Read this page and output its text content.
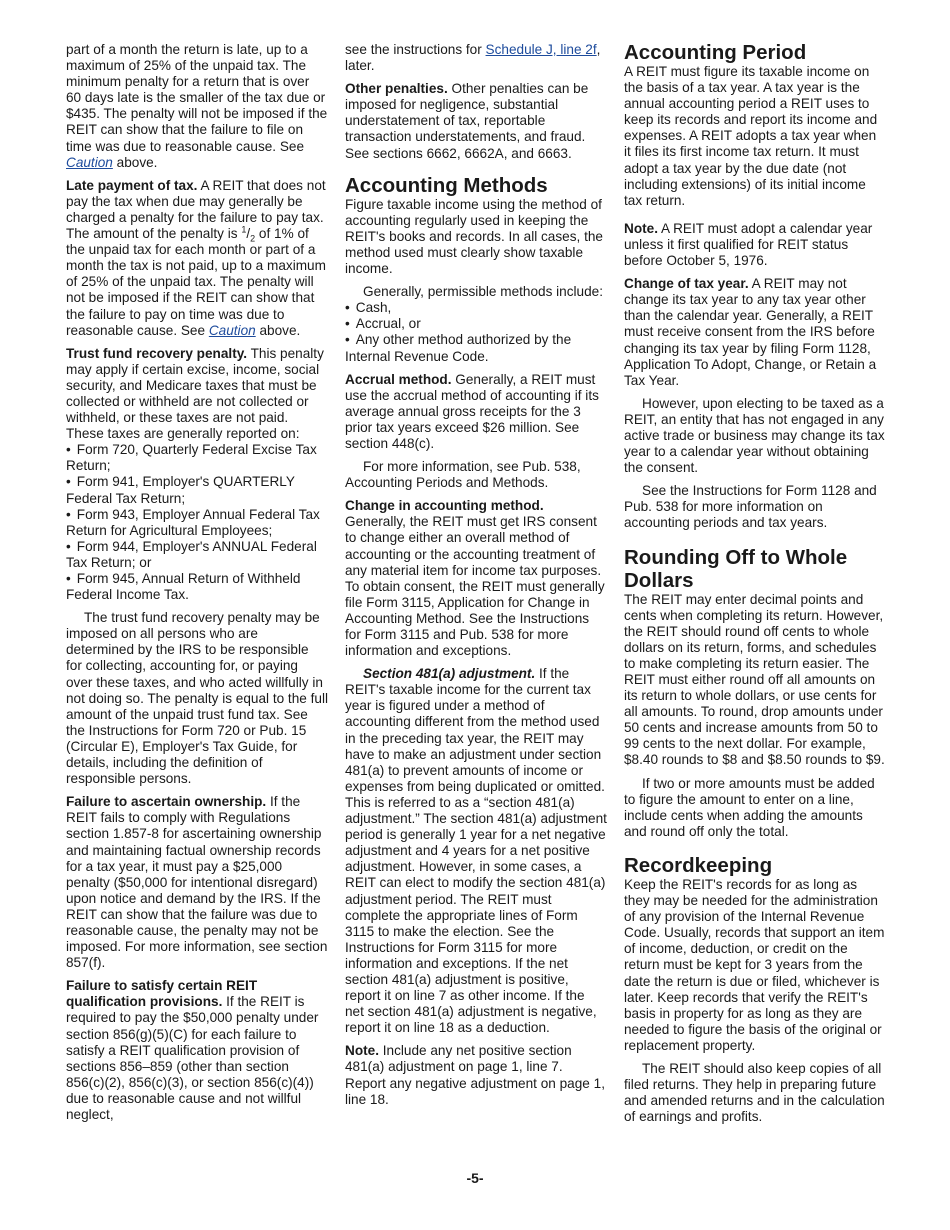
part of a month the return is late, up to a maximum of 25% of the unpaid tax. The minimum penalty for a return that is over 60 days late is the smaller of the tax due or $435. The penalty will not be imposed if the REIT can show that the failure to file on time was due to reasonable cause. See Caution above.

Late payment of tax. A REIT that does not pay the tax when due may generally be charged a penalty for the failure to pay tax. The amount of the penalty is $^1/_2$ of 1% of the unpaid tax for each month or part of a month the tax is not paid, up to a maximum of 25% of the unpaid tax. The penalty will not be imposed if the REIT can show that the failure to pay on time was due to reasonable cause. See Caution above.

Trust fund recovery penalty. This penalty may apply if certain excise, income, social security, and Medicare taxes that must be collected or withheld are not collected or withheld, or these taxes are not paid. These taxes are generally reported on:

• Form 720, Quarterly Federal Excise Tax Return;
• Form 941, Employer's QUARTERLY Federal Tax Return;
• Form 943, Employer Annual Federal Tax Return for Agricultural Employees;
• Form 944, Employer's ANNUAL Federal Tax Return; or
• Form 945, Annual Return of Withheld Federal Income Tax.

The trust fund recovery penalty may be imposed on all persons who are determined by the IRS to be responsible for collecting, accounting for, or paying over these taxes, and who acted willfully in not doing so. The penalty is equal to the full amount of the unpaid trust fund tax. See the Instructions for Form 720 or Pub. 15 (Circular E), Employer's Tax Guide, for details, including the definition of responsible persons.

Failure to ascertain ownership. If the REIT fails to comply with Regulations section 1.857-8 for ascertaining ownership and maintaining factual ownership records for a tax year, it must pay a $25,000 penalty ($50,000 for intentional disregard) upon notice and demand by the IRS. If the REIT can show that the failure was due to reasonable cause, the penalty may not be imposed. For more information, see section 857(f).

Failure to satisfy certain REIT qualification provisions. If the REIT is required to pay the $50,000 penalty under section 856(g)(5)(C) for each failure to satisfy a REIT qualification provision of sections 856–859 (other than section 856(c)(2), 856(c)(3), or section 856(c)(4)) due to reasonable cause and not willful neglect,

see the instructions for Schedule J, line 2f, later.

Other penalties. Other penalties can be imposed for negligence, substantial understatement of tax, reportable transaction understatements, and fraud. See sections 6662, 6662A, and 6663.

Accounting Methods

Figure taxable income using the method of accounting regularly used in keeping the REIT's books and records. In all cases, the method used must clearly show taxable income.

Generally, permissible methods include:

• Cash,
• Accrual, or
• Any other method authorized by the Internal Revenue Code.

Accrual method. Generally, a REIT must use the accrual method of accounting if its average annual gross receipts for the 3 prior tax years exceed $26 million. See section 448(c).

For more information, see Pub. 538, Accounting Periods and Methods.

Change in accounting method.
Generally, the REIT must get IRS consent to change either an overall method of accounting or the accounting treatment of any material item for income tax purposes. To obtain consent, the REIT must generally file Form 3115, Application for Change in Accounting Method. See the Instructions for Form 3115 and Pub. 538 for more information and exceptions.

Section 481(a) adjustment. If the REIT's taxable income for the current tax year is figured under a method of accounting different from the method used in the preceding tax year, the REIT may have to make an adjustment under section 481(a) to prevent amounts of income or expenses from being duplicated or omitted. This is referred to as a “section 481(a) adjustment.” The section 481(a) adjustment period is generally 1 year for a net negative adjustment and 4 years for a net positive adjustment. However, in some cases, a REIT can elect to modify the section 481(a) adjustment period. The REIT must complete the appropriate lines of Form 3115 to make the election. See the Instructions for Form 3115 for more information and exceptions. If the net section 481(a) adjustment is positive, report it on line 7 as other income. If the net section 481(a) adjustment is negative, report it on line 18 as a deduction.

Note. Include any net positive section 481(a) adjustment on page 1, line 7. Report any negative adjustment on page 1, line 18.

Accounting Period

A REIT must figure its taxable income on the basis of a tax year. A tax year is the annual accounting period a REIT uses to keep its records and report its income and expenses. A REIT adopts a tax year when it files its first income tax return. It must adopt a tax year by the due date (not including extensions) of its initial income tax return.

Note. A REIT must adopt a calendar year unless it first qualified for REIT status before October 5, 1976.

Change of tax year. A REIT may not change its tax year to any tax year other than the calendar year. Generally, a REIT must receive consent from the IRS before changing its tax year by filing Form 1128, Application To Adopt, Change, or Retain a Tax Year.

However, upon electing to be taxed as a REIT, an entity that has not engaged in any active trade or business may change its tax year to a calendar year without obtaining the consent.

See the Instructions for Form 1128 and Pub. 538 for more information on accounting periods and tax years.

Rounding Off to Whole Dollars

The REIT may enter decimal points and cents when completing its return. However, the REIT should round off cents to whole dollars on its return, forms, and schedules to make completing its return easier. The REIT must either round off all amounts on its return to whole dollars, or use cents for all amounts. To round, drop amounts under 50 cents and increase amounts from 50 to 99 cents to the next dollar. For example, $8.40 rounds to $8 and $8.50 rounds to $9.

If two or more amounts must be added to figure the amount to enter on a line, include cents when adding the amounts and round off only the total.

Recordkeeping

Keep the REIT's records for as long as they may be needed for the administration of any provision of the Internal Revenue Code. Usually, records that support an item of income, deduction, or credit on the return must be kept for 3 years from the date the return is due or filed, whichever is later. Keep records that verify the REIT's basis in property for as long as they are needed to figure the basis of the original or replacement property.

The REIT should also keep copies of all filed returns. They help in preparing future and amended returns and in the calculation of earnings and profits.

-5-
